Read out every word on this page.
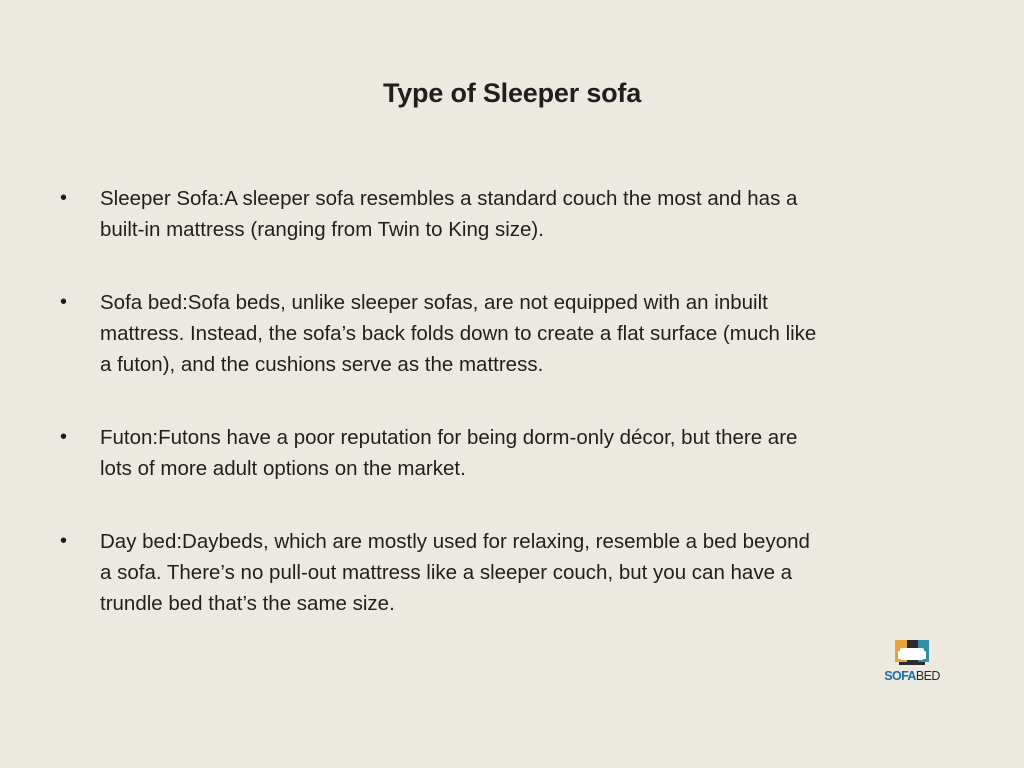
Type of Sleeper sofa
• Sleeper Sofa:A sleeper sofa resembles a standard couch the most and has a built-in mattress (ranging from Twin to King size).
• Sofa bed:Sofa beds, unlike sleeper sofas, are not equipped with an inbuilt mattress. Instead, the sofa’s back folds down to create a flat surface (much like a futon), and the cushions serve as the mattress.
• Futon:Futons have a poor reputation for being dorm-only décor, but there are lots of more adult options on the market.
• Day bed:Daybeds, which are mostly used for relaxing, resemble a bed beyond a sofa. There’s no pull-out mattress like a sleeper couch, but you can have a trundle bed that’s the same size.
SOFABED
